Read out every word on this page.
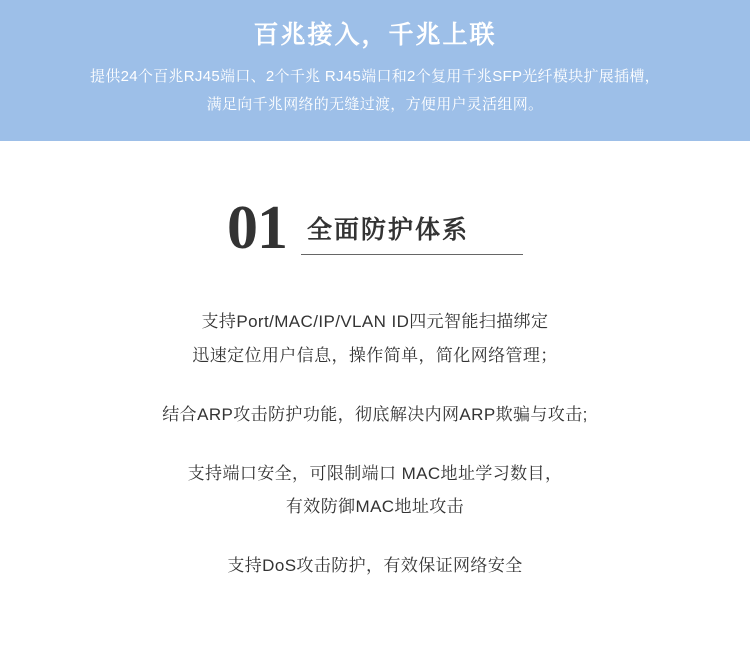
百兆接入，千兆上联
提供24个百兆RJ45端口、2个千兆 RJ45端口和2个复用千兆SFP光纤模块扩展插槽，
满足向千兆网络的无缝过渡，方便用户灵活组网。
01 全面防护体系

支持Port/MAC/IP/VLAN ID四元智能扫描绑定
迅速定位用户信息，操作简单，简化网络管理；

结合ARP攻击防护功能，彻底解决内网ARP欺骗与攻击;

支持端口安全，可限制端口 MAC地址学习数目，
有效防御MAC地址攻击

支持DoS攻击防护，有效保证网络安全
